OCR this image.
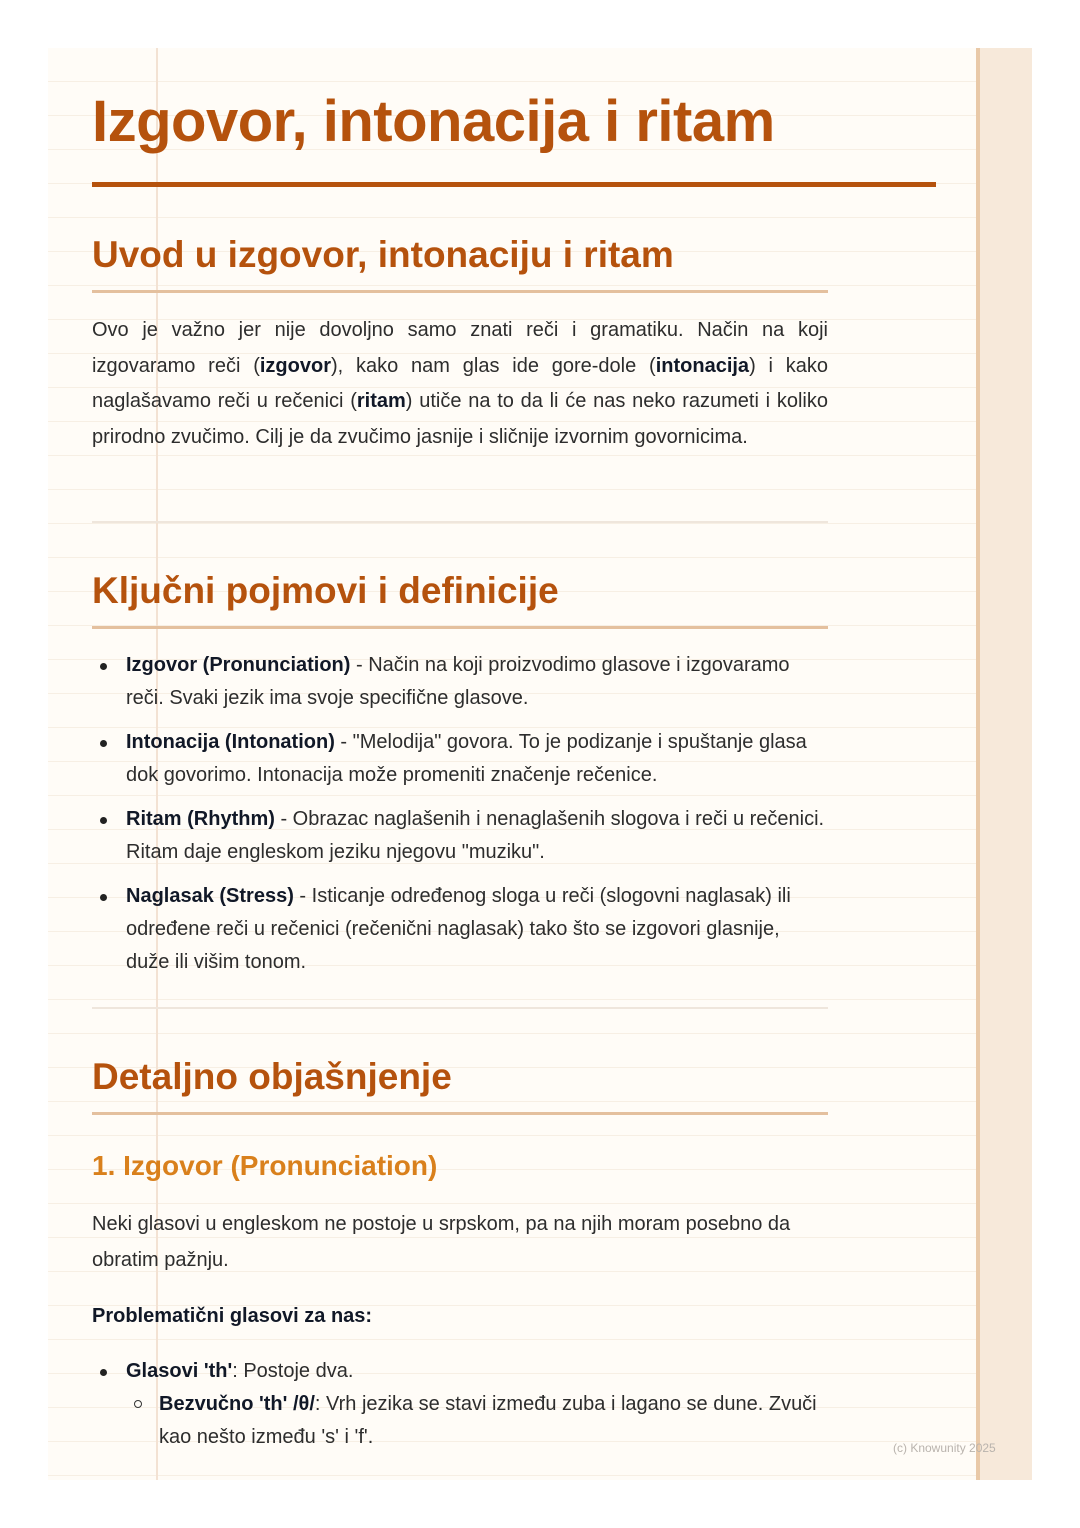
Izgovor, intonacija i ritam
Uvod u izgovor, intonaciju i ritam

Ovo je važno jer nije dovoljno samo znati reči i gramatiku. Način na koji izgovaramo reči (izgovor), kako nam glas ide gore-dole (intonacija) i kako naglašavamo reči u rečenici (ritam) utiče na to da li će nas neko razumeti i koliko prirodno zvučimo. Cilj je da zvučimo jasnije i sličnije izvornim govornicima.

Ključni pojmovi i definicije
Izgovor (Pronunciation) - Način na koji proizvodimo glasove i izgovaramo reči. Svaki jezik ima svoje specifične glasove.
Intonacija (Intonation) - "Melodija" govora. To je podizanje i spuštanje glasa dok govorimo. Intonacija može promeniti značenje rečenice.
Ritam (Rhythm) - Obrazac naglašenih i nenaglašenih slogova i reči u rečenici. Ritam daje engleskom jeziku njegovu "muziku".
Naglasak (Stress) - Isticanje određenog sloga u reči (slogovni naglasak) ili određene reči u rečenici (rečenični naglasak) tako što se izgovori glasnije, duže ili višim tonom.
Detaljno objašnjenje
1. Izgovor (Pronunciation)

Neki glasovi u engleskom ne postoje u srpskom, pa na njih moram posebno da obratim pažnju.

Problematični glasovi za nas:

Glasovi 'th': Postoje dva.
Bezvučno 'th' /θ/: Vrh jezika se stavi između zuba i lagano se dune. Zvuči kao nešto između 's' i 'f'.	(c) Knowunity 2025
